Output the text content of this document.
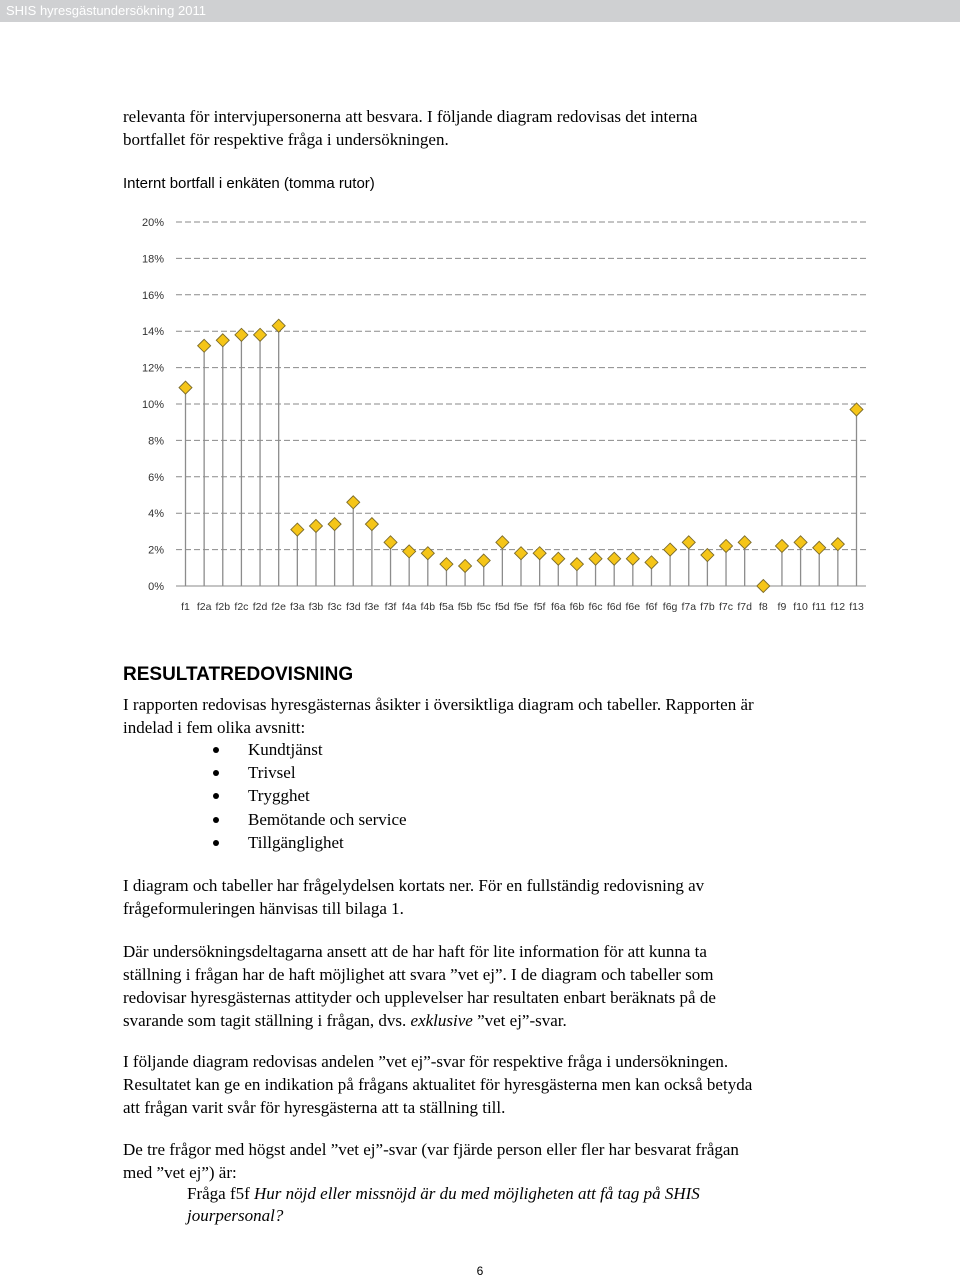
SHIS hyresgästundersökning 2011

relevanta för intervjupersonerna att besvara. I följande diagram redovisas det interna
bortfallet för respektive fråga i undersökningen.

Internt bortfall i enkäten (tomma rutor)
0%
2%
4%
6%
8%
10%
12%
14%
16%
18%
20%
f1 f2a f2b f2c f2d f2e f3a f3b f3c f3d f3e f3f f4a f4b f5a f5b f5c f5d f5e f5f f6a f6b f6c f6d f6e f6f f6g f7a f7b f7c f7d f8 f9 f10 f11 f12 f13
RESULTATREDOVISNING

I rapporten redovisas hyresgästernas åsikter i översiktliga diagram och tabeller. Rapporten är
indelad i fem olika avsnitt:

Kundtjänst
Trivsel
Trygghet
Bemötande och service
Tillgänglighet

I diagram och tabeller har frågelydelsen kortats ner. För en fullständig redovisning av
frågeformuleringen hänvisas till bilaga 1.

Där undersökningsdeltagarna ansett att de har haft för lite information för att kunna ta
ställning i frågan har de haft möjlighet att svara ”vet ej”. I de diagram och tabeller som
redovisar hyresgästernas attityder och upplevelser har resultaten enbart beräknats på de
svarande som tagit ställning i frågan, dvs. exklusive ”vet ej”-svar.

I följande diagram redovisas andelen ”vet ej”-svar för respektive fråga i undersökningen.
Resultatet kan ge en indikation på frågans aktualitet för hyresgästerna men kan också betyda
att frågan varit svår för hyresgästerna att ta ställning till.

De tre frågor med högst andel ”vet ej”-svar (var fjärde person eller fler har besvarat frågan
med ”vet ej”) är:

Fråga f5f Hur nöjd eller missnöjd är du med möjligheten att få tag på SHIS
jourpersonal?

6
